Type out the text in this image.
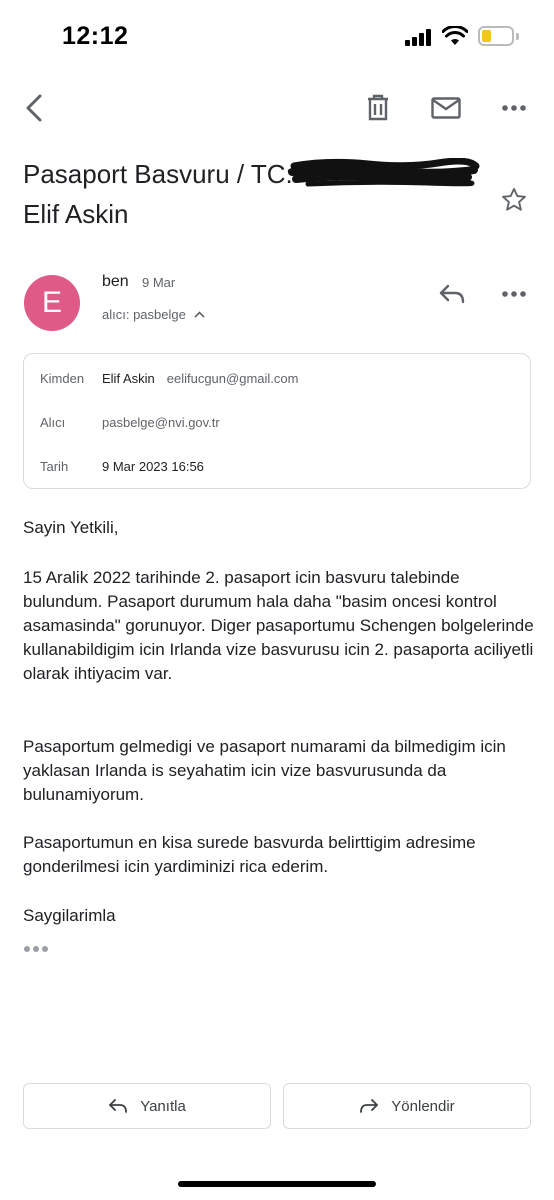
12:12
Pasaport Basvuru / TC:
Elif Askin
E
ben 9 Mar
alıcı: pasbelge
Kimden	Elif Askin eelifucgun@gmail.com
Alıcı	pasbelge@nvi.gov.tr
Tarih	9 Mar 2023 16:56
Sayin Yetkili,
15 Aralik 2022 tarihinde 2. pasaport icin basvuru talebinde bulundum. Pasaport durumum hala daha "basim oncesi kontrol asamasinda" gorunuyor. Diger pasaportumu Schengen bolgelerinde kullanabildigim icin Irlanda vize basvurusu icin 2. pasaporta aciliyetli olarak ihtiyacim var.
Pasaportum gelmedigi ve pasaport numarami da bilmedigim icin yaklasan Irlanda is seyahatim icin vize basvurusunda da bulunamiyorum.
Pasaportumun en kisa surede basvurda belirttigim adresime gonderilmesi icin yardiminizi rica ederim.
Saygilarimla
Yanıtla	Yönlendir
